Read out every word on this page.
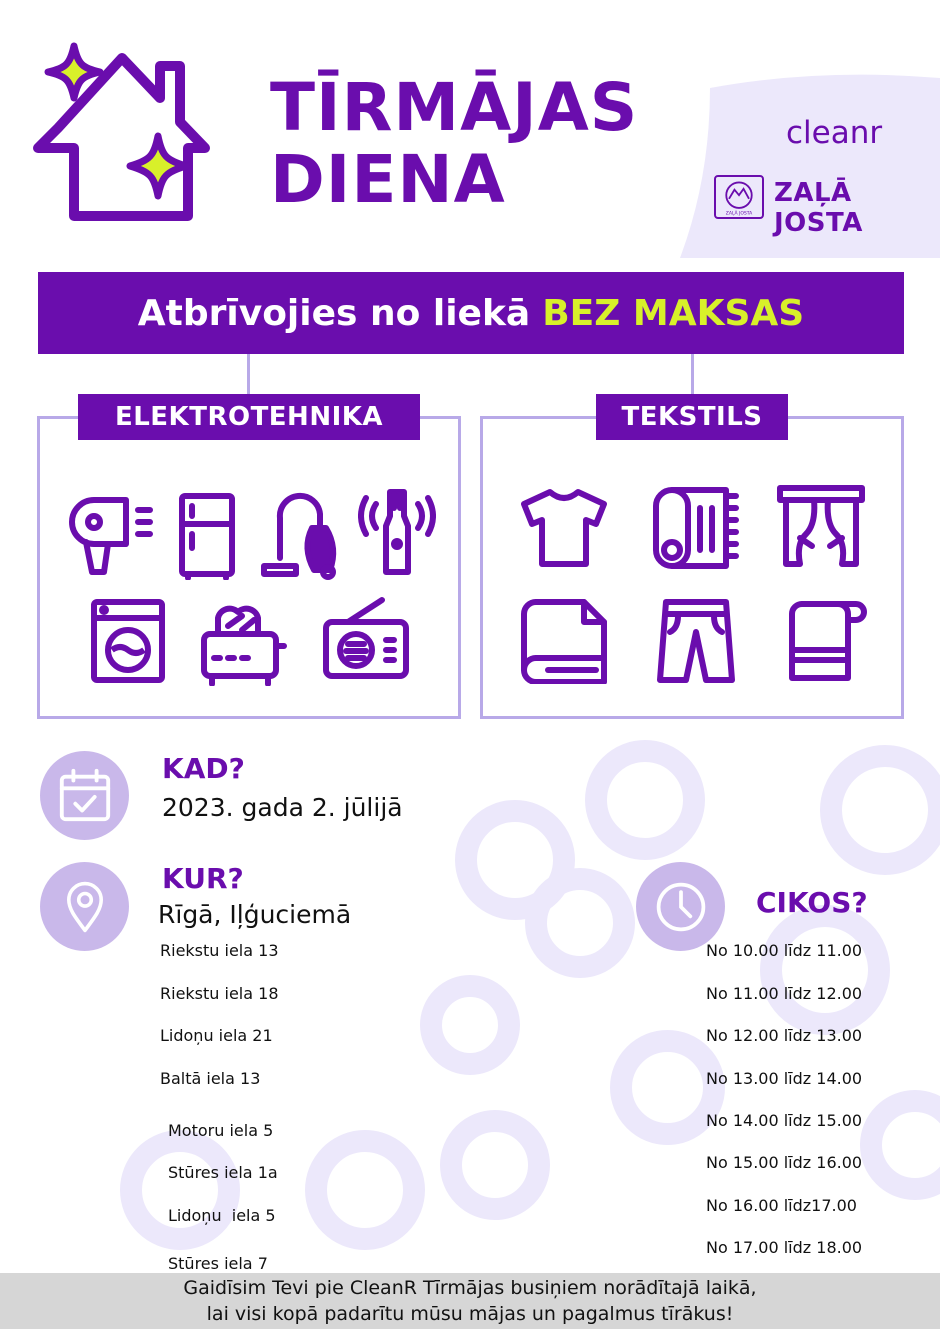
TĪRMĀJAS
DIENA
cleanr
ZAĻĀ JOSTA
ZAĻĀ JOSTA
Atbrīvojies no liekā BEZ MAKSAS
ELEKTROTEHNIKA	TEKSTILS
KAD?
2023. gada 2. jūlijā
KUR?
Rīgā, Iļģuciemā
Riekstu iela 13
Riekstu iela 18
Lidoņu iela 21
Baltā iela 13
Motoru iela 5
Stūres iela 1a
Lidoņu  iela 5
Stūres iela 7
CIKOS?
No 10.00 līdz 11.00
No 11.00 līdz 12.00
No 12.00 līdz 13.00
No 13.00 līdz 14.00
No 14.00 līdz 15.00
No 15.00 līdz 16.00
No 16.00 līdz17.00
No 17.00 līdz 18.00
Gaidīsim Tevi pie CleanR Tīrmājas busiņiem norādītajā laikā,
lai visi kopā padarītu mūsu mājas un pagalmus tīrākus!
